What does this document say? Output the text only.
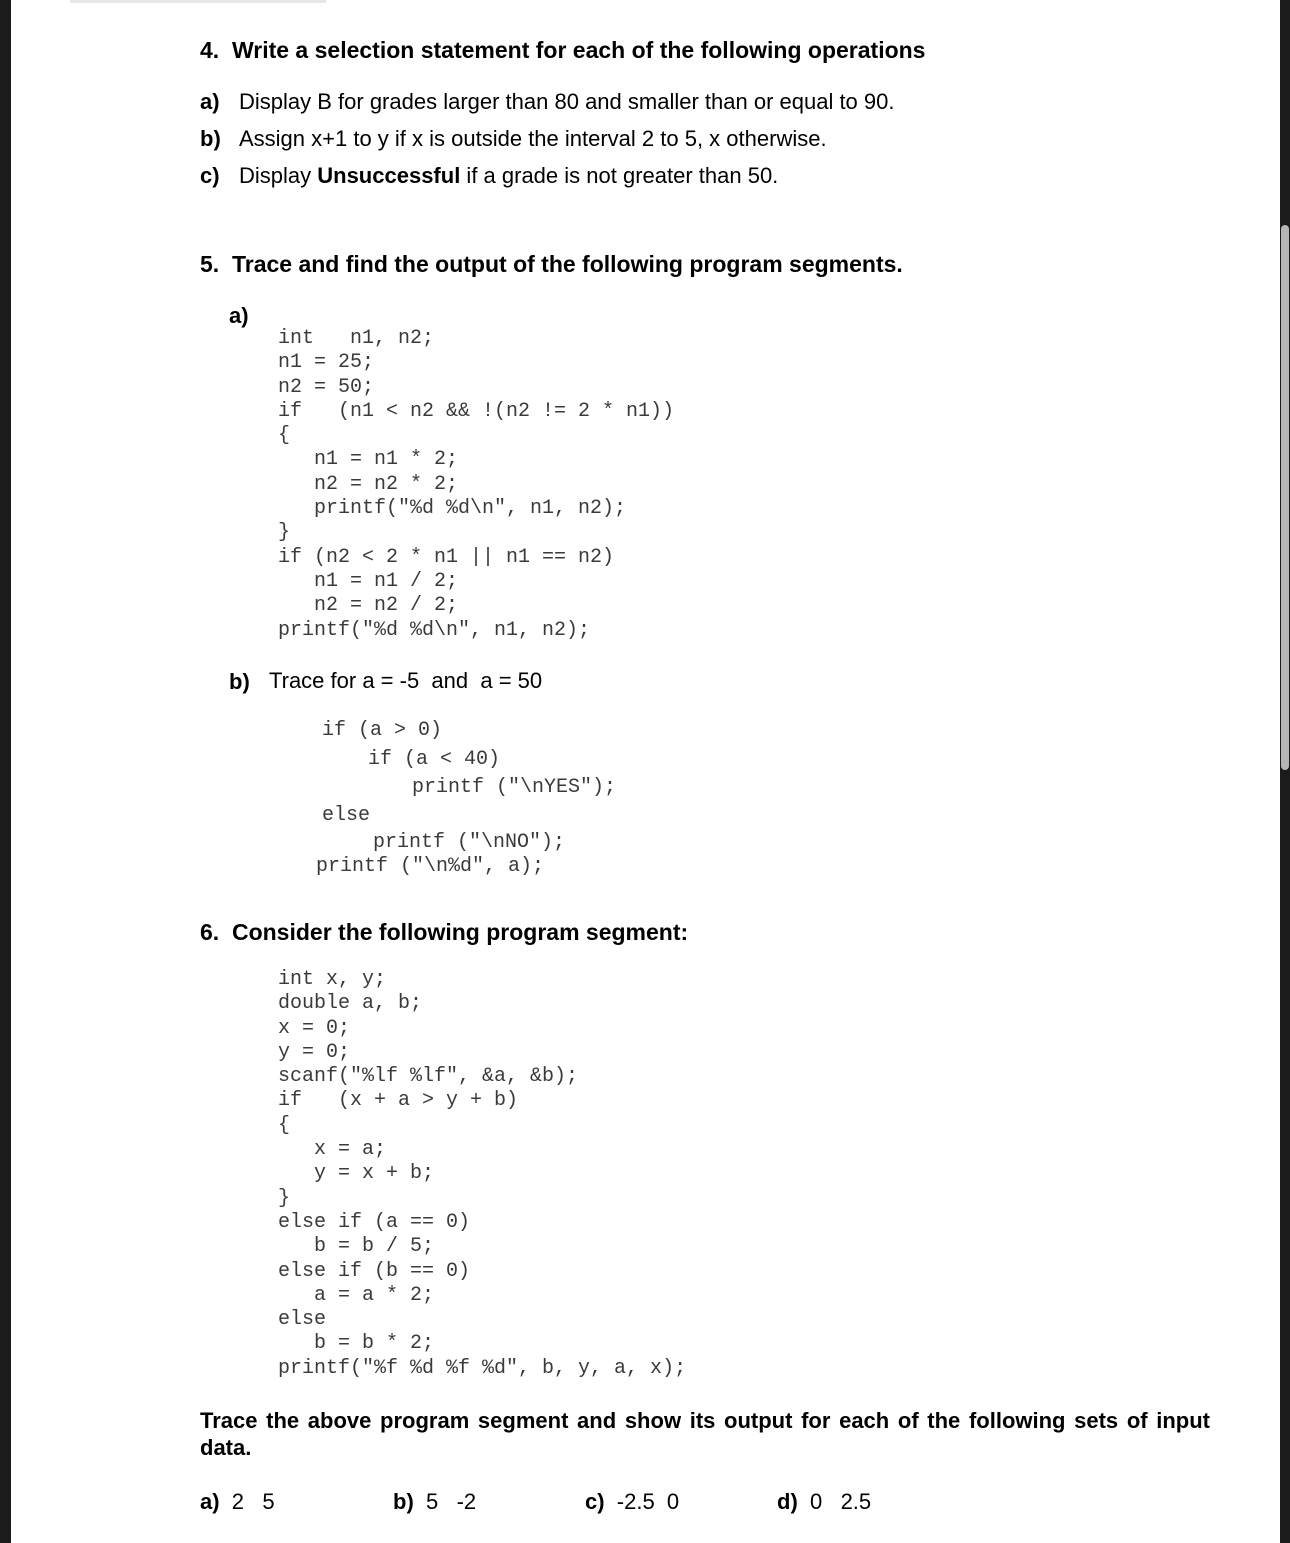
4.  Write a selection statement for each of the following operations
a) Display B for grades larger than 80 and smaller than or equal to 90.
b) Assign x+1 to y if x is outside the interval 2 to 5, x otherwise.
c) Display Unsuccessful if a grade is not greater than 50.
5.  Trace and find the output of the following program segments.
a)
int   n1, n2;
n1 = 25;
n2 = 50;
if   (n1 < n2 && !(n2 != 2 * n1))
{
n1 = n1 * 2;
n2 = n2 * 2;
printf("%d %d\n", n1, n2);
}
if (n2 < 2 * n1 || n1 == n2)
n1 = n1 / 2;
n2 = n2 / 2;
printf("%d %d\n", n1, n2);
b) Trace for a = -5  and  a = 50
if (a > 0)
if (a < 40)
printf ("\nYES");
else
printf ("\nNO");
printf ("\n%d", a);
6.  Consider the following program segment:
int x, y;
double a, b;
x = 0;
y = 0;
scanf("%lf %lf", &a, &b);
if   (x + a > y + b)
{
x = a;
y = x + b;
}
else if (a == 0)
b = b / 5;
else if (b == 0)
a = a * 2;
else
b = b * 2;
printf("%f %d %f %d", b, y, a, x);
Trace the above program segment and show its output for each of the following sets of input data.
a) 2   5	b) 5   -2	c) -2.5  0	d) 0   2.5
